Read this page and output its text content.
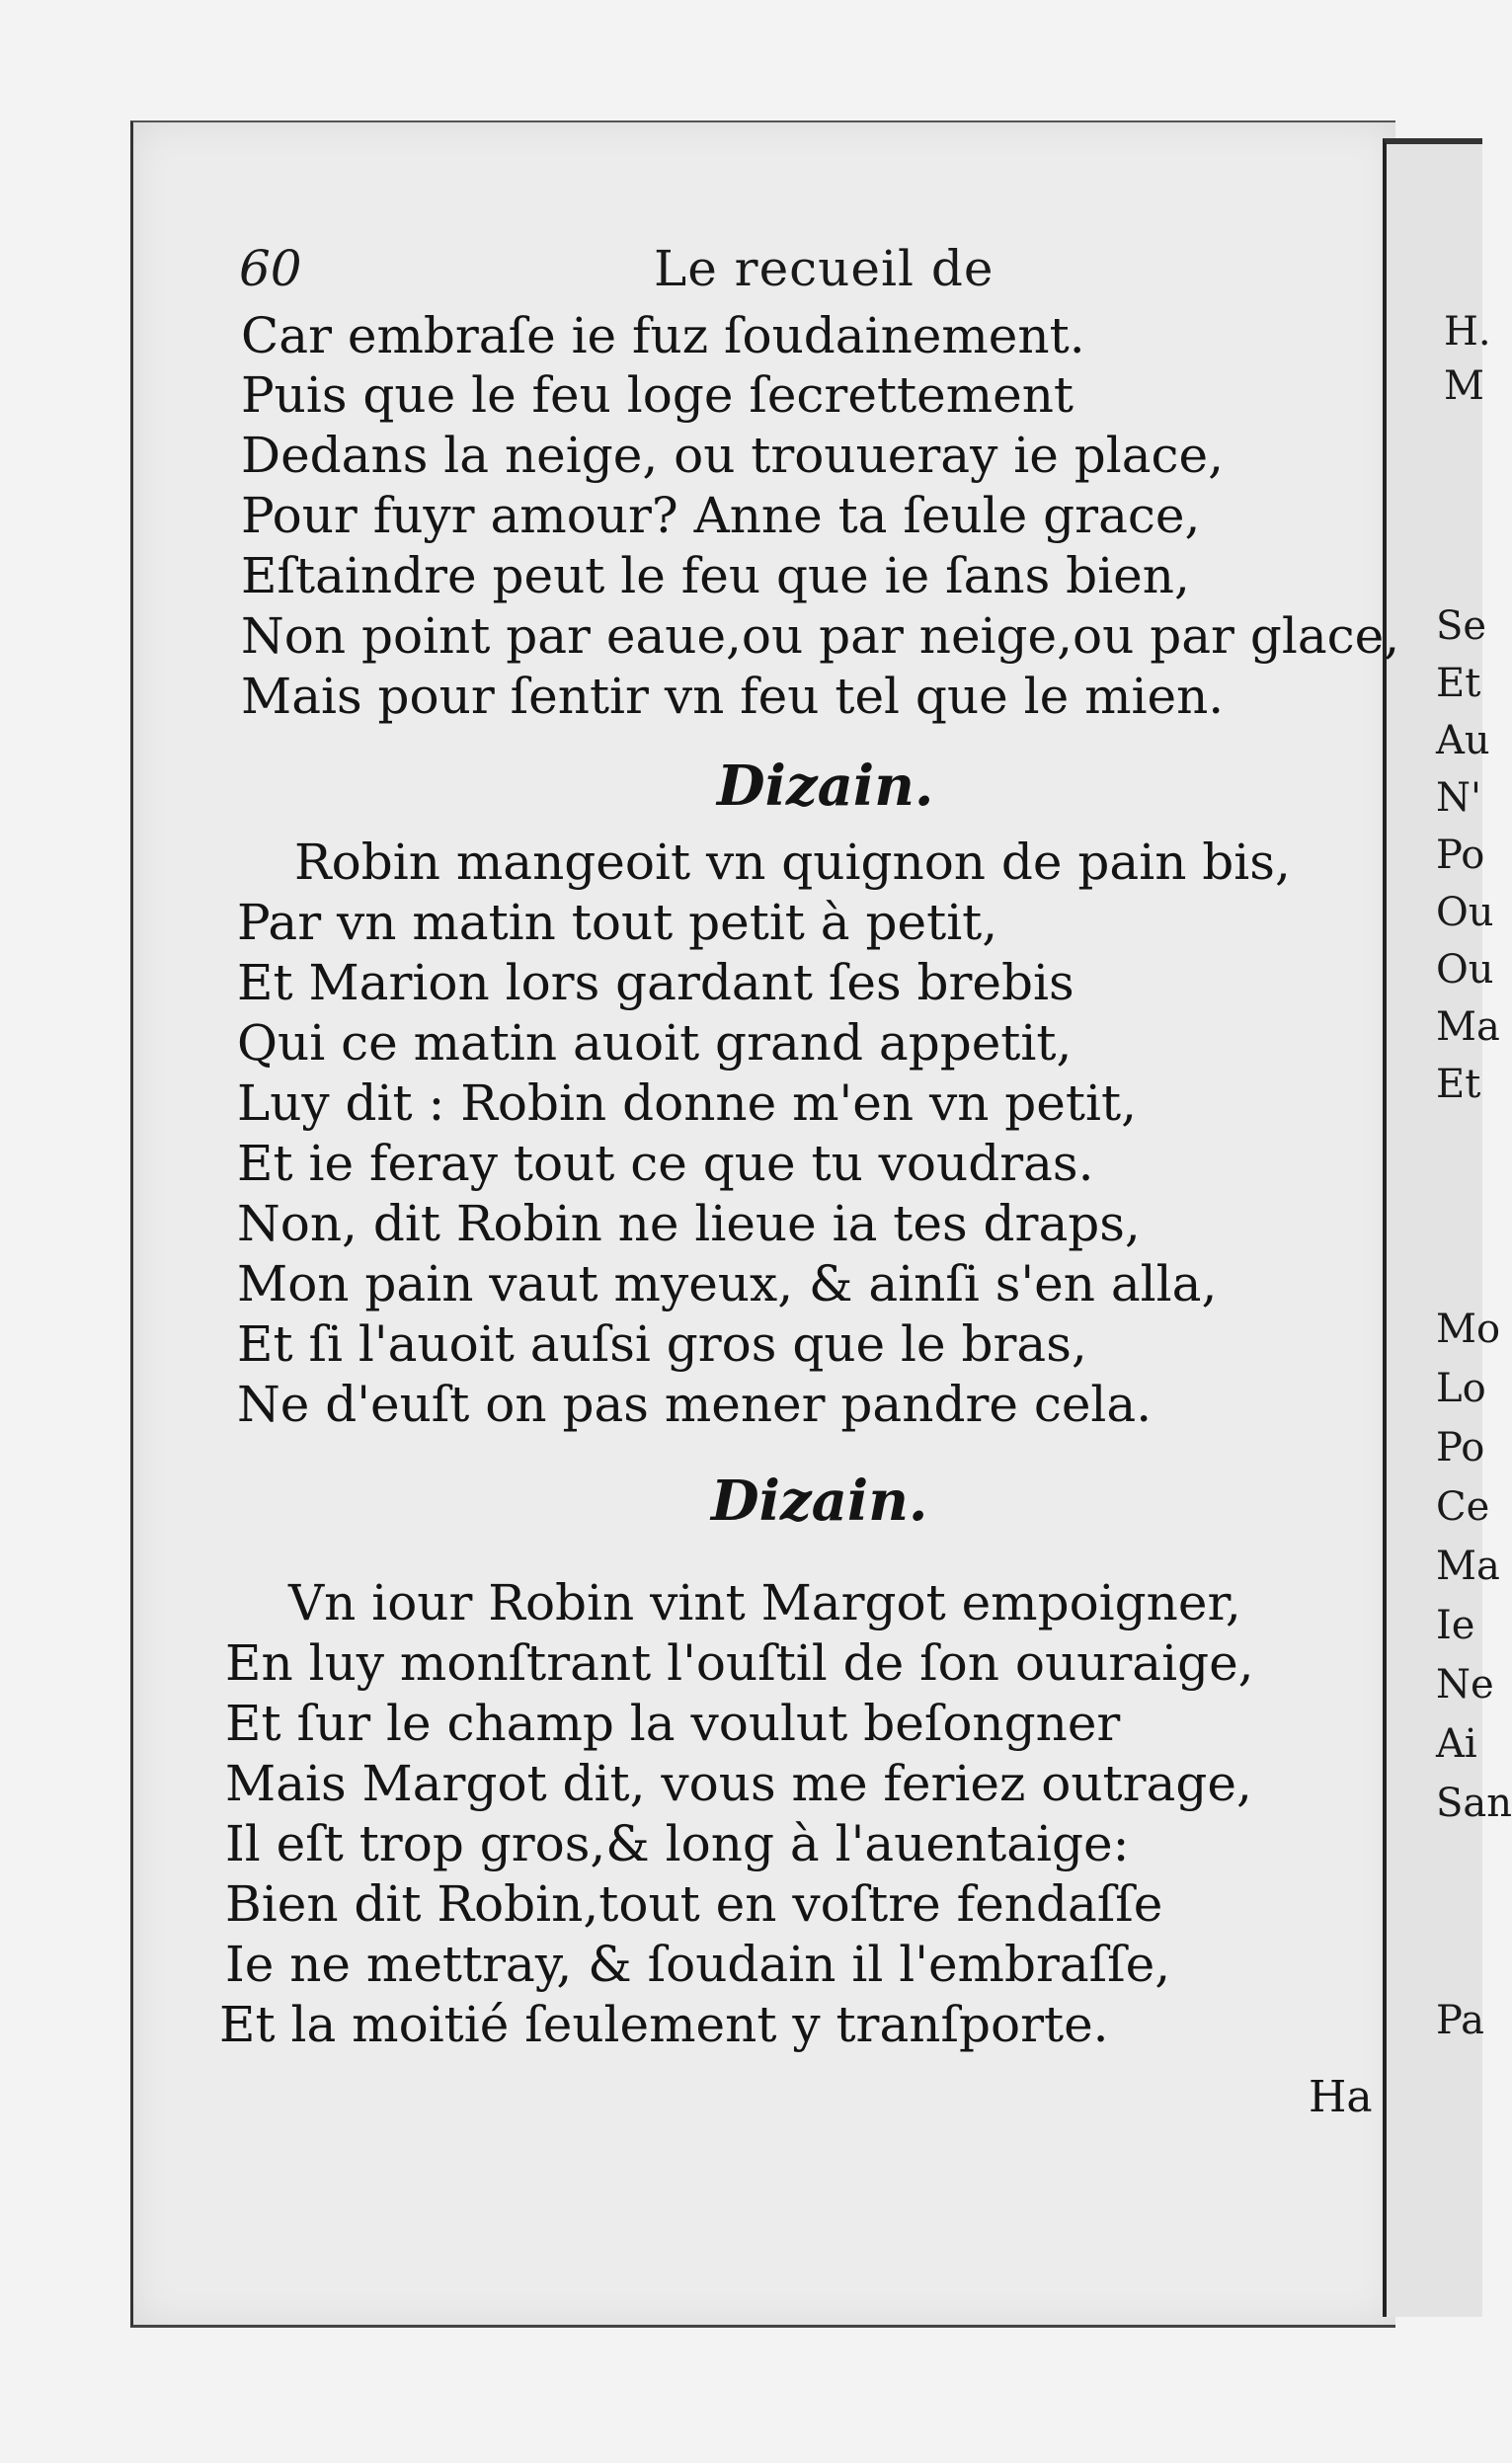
H.
M
Se
Et
Au
N'
Po
Ou
Ou
Ma
Et
Mo
Lo
Po
Ce
Ma
Ie
Ne
Ai
San
Pa
60	Le recueil de
Car embraſe ie fuz ſoudainement.
Puis que le feu loge ſecrettement
Dedans la neige, ou trouueray ie place,
Pour fuyr amour? Anne ta ſeule grace,
Eſtaindre peut le feu que ie ſans bien,
Non point par eaue,ou par neige,ou par glace,
Mais pour ſentir vn feu tel que le mien.
Dizain.
Robin mangeoit vn quignon de pain bis,
Par vn matin tout petit à petit,
Et Marion lors gardant ſes brebis
Qui ce matin auoit grand appetit,
Luy dit : Robin donne m'en vn petit,
Et ie feray tout ce que tu voudras.
Non, dit Robin ne lieue ia tes draps,
Mon pain vaut myeux, & ainſi s'en alla,
Et ſi l'auoit auſsi gros que le bras,
Ne d'euſt on pas mener pandre cela.
Dizain.
Vn iour Robin vint Margot empoigner,
En luy monſtrant l'ouſtil de ſon ouuraige,
Et ſur le champ la voulut beſongner
Mais Margot dit, vous me feriez outrage,
Il eſt trop gros,& long à l'auentaige:
Bien dit Robin,tout en voſtre fendaſſe
Ie ne mettray, & ſoudain il l'embraſſe,
Et la moitié ſeulement y tranſporte.
Ha
